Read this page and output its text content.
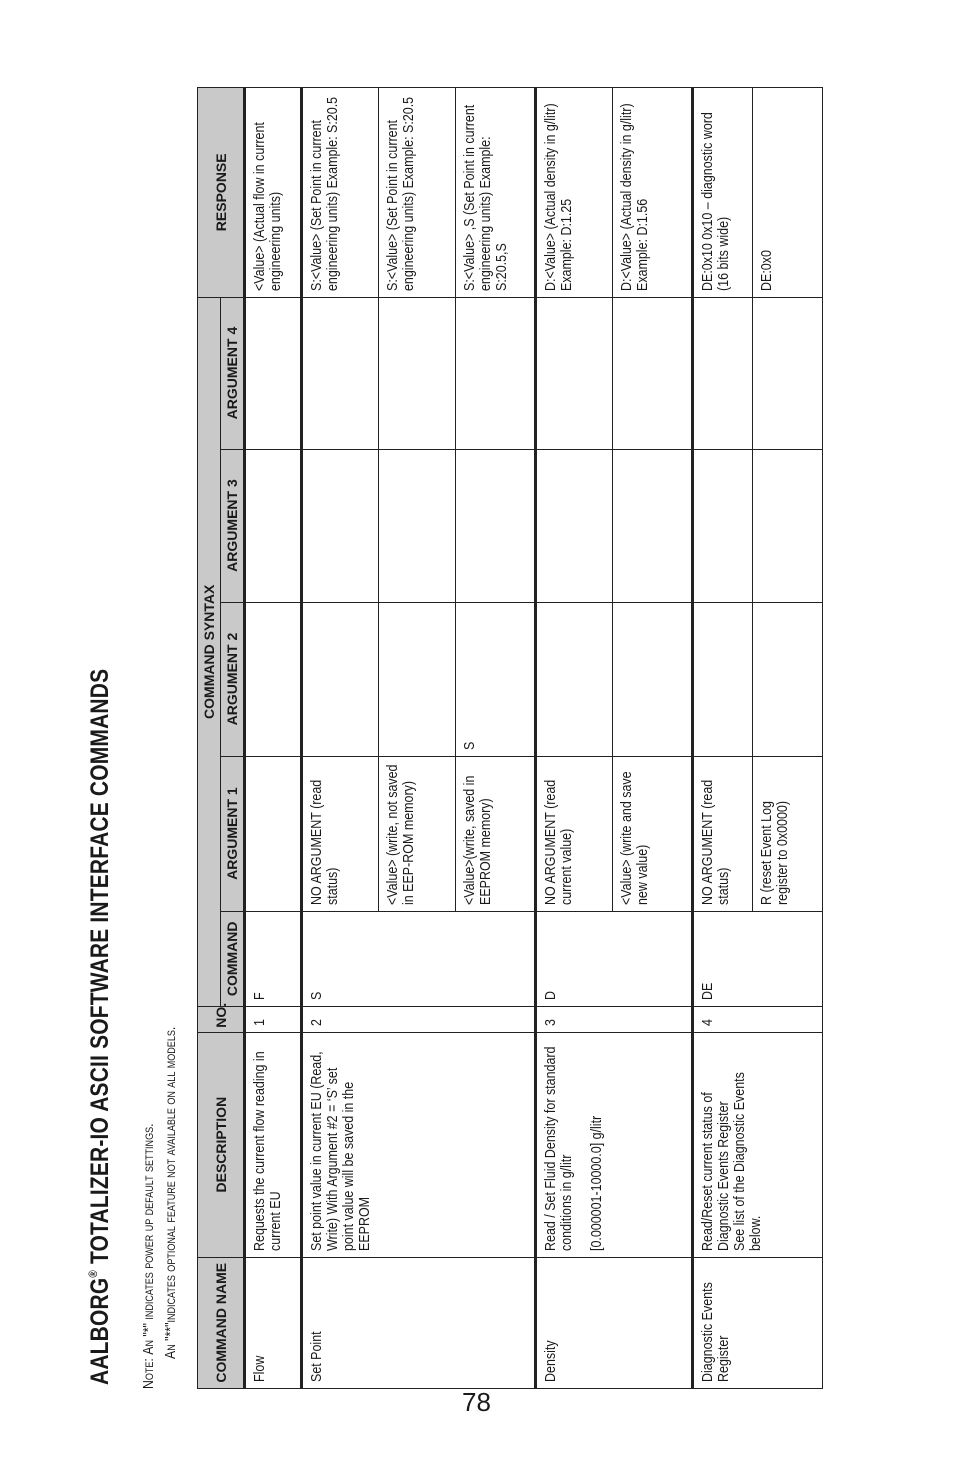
AALBORG® TOTALIZER-IO ASCII SOFTWARE INTERFACE COMMANDS
Note: An "*" indicates power up default settings. An "**"indicates optional feature not available on all models. COMMAND NAME	DESCRIPTION	NO.	COMMAND SYNTAX					RESPONSE
			COMMAND	ARGUMENT 1	ARGUMENT 2	ARGUMENT 3	ARGUMENT 4	

Flow	Requests the current flow reading in current EU	1	F					<Value> (Actual flow in current engineering units)

Set Point	Set point value in current EU (Read, Write) With Argument #2 = ‘S’ set point value will be saved in the EEPROM	2	S	NO ARGUMENT (read status)				S:<Value> (Set Point in current engineering units) Example: S:20.5

				<Value> (write, not saved in EEP-ROM memory)				S:<Value> (Set Point in current engineering units) Example: S:20.5

				<Value>(write, saved in EEPROM memory)	S			S:<Value> ,S (Set Point in current engineering units) Example: S:20.5,S

Density	Read / Set Fluid Density for standard conditions in g/litr [0.000001-10000.0] g/litr	3	D	NO ARGUMENT (read current value)				D:<Value> (Actual density in g/litr) Example: D:1.25

				<Value> (write and save new value)				D:<Value> (Actual density in g/litr) Example: D:1.56

Diagnostic Events Register	Read/Reset current status of Diagnostic Events Register See list of the Diagnostic Events below.	4	DE	NO ARGUMENT (read status)				DE:0x10 0x10 – diagnostic word (16 bits wide)

				R (reset Event Log register to 0x0000)				DE:0x0
78
